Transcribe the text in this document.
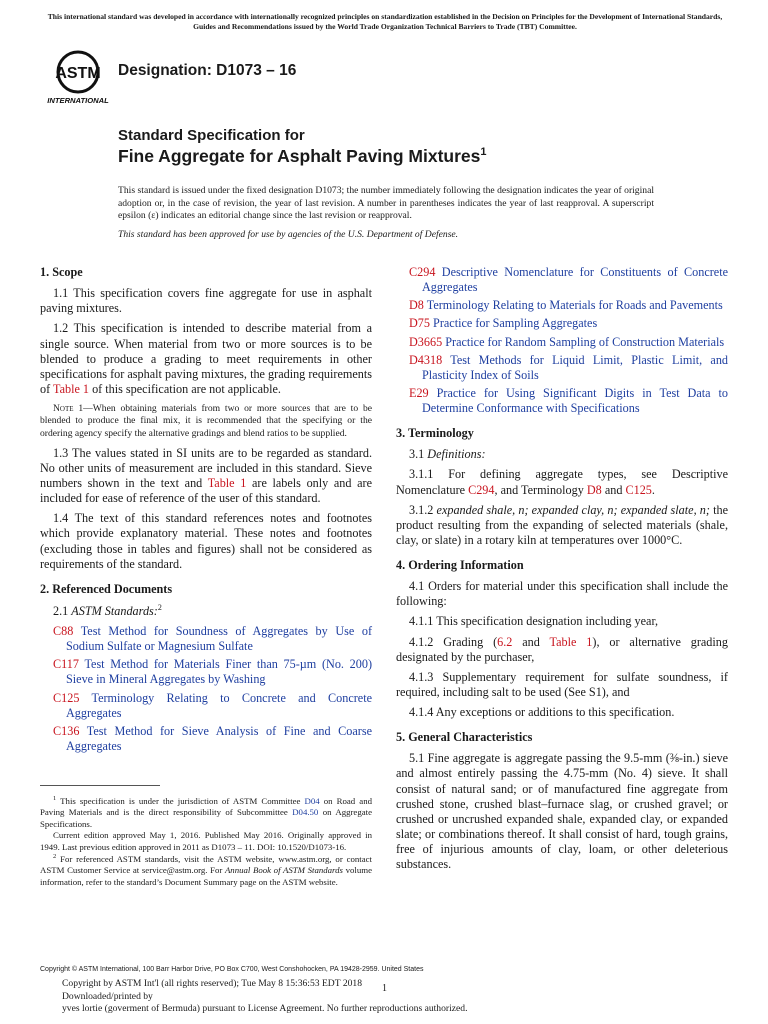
This international standard was developed in accordance with internationally recognized principles on standardization established in the Decision on Principles for the Development of International Standards, Guides and Recommendations issued by the World Trade Organization Technical Barriers to Trade (TBT) Committee.
ASTM
INTERNATIONAL
Designation: D1073 – 16
Standard Specification for
Fine Aggregate for Asphalt Paving Mixtures$^1$
This standard is issued under the fixed designation D1073; the number immediately following the designation indicates the year of original adoption or, in the case of revision, the year of last revision. A number in parentheses indicates the year of last reapproval. A superscript epsilon (ε) indicates an editorial change since the last revision or reapproval.
This standard has been approved for use by agencies of the U.S. Department of Defense.
1. Scope

1.1 This specification covers fine aggregate for use in asphalt paving mixtures.

1.2 This specification is intended to describe material from a single source. When material from two or more sources is to be blended to produce a grading to meet requirements in other specifications for asphalt paving mixtures, the grading requirements of Table 1 of this specification are not applicable.

Note 1—When obtaining materials from two or more sources that are to be blended to produce the final mix, it is recommended that the specifying or the ordering agency specify the alternative gradings and blend ratios to be supplied.

1.3 The values stated in SI units are to be regarded as standard. No other units of measurement are included in this standard. Sieve numbers shown in the text and Table 1 are labels only and are included for ease of reference of the user of this standard.

1.4 The text of this standard references notes and footnotes which provide explanatory material. These notes and footnotes (excluding those in tables and figures) shall not be considered as requirements of the standard.

2. Referenced Documents

2.1 ASTM Standards:$^2$

C88 Test Method for Soundness of Aggregates by Use of Sodium Sulfate or Magnesium Sulfate
C117 Test Method for Materials Finer than 75-µm (No. 200) Sieve in Mineral Aggregates by Washing
C125 Terminology Relating to Concrete and Concrete Aggregates
C136 Test Method for Sieve Analysis of Fine and Coarse Aggregates

$^1$ This specification is under the jurisdiction of ASTM Committee D04 on Road and Paving Materials and is the direct responsibility of Subcommittee D04.50 on Aggregate Specifications.

Current edition approved May 1, 2016. Published May 2016. Originally approved in 1949. Last previous edition approved in 2011 as D1073 – 11. DOI: 10.1520/D1073-16.

$^2$ For referenced ASTM standards, visit the ASTM website, www.astm.org, or contact ASTM Customer Service at service@astm.org. For Annual Book of ASTM Standards volume information, refer to the standard’s Document Summary page on the ASTM website.

C294 Descriptive Nomenclature for Constituents of Concrete Aggregates
D8 Terminology Relating to Materials for Roads and Pavements
D75 Practice for Sampling Aggregates
D3665 Practice for Random Sampling of Construction Materials
D4318 Test Methods for Liquid Limit, Plastic Limit, and Plasticity Index of Soils
E29 Practice for Using Significant Digits in Test Data to Determine Conformance with Specifications
3. Terminology

3.1 Definitions:

3.1.1 For defining aggregate types, see Descriptive Nomenclature C294, and Terminology D8 and C125.

3.1.2 expanded shale, n; expanded clay, n; expanded slate, n; the product resulting from the expanding of selected materials (shale, clay, or slate) in a rotary kiln at temperatures over 1000°C.

4. Ordering Information

4.1 Orders for material under this specification shall include the following:

4.1.1 This specification designation including year,

4.1.2 Grading (6.2 and Table 1), or alternative grading designated by the purchaser,

4.1.3 Supplementary requirement for sulfate soundness, if required, including salt to be used (See S1), and

4.1.4 Any exceptions or additions to this specification.

5. General Characteristics

5.1 Fine aggregate is aggregate passing the 9.5-mm (⅜-in.) sieve and almost entirely passing the 4.75-mm (No. 4) sieve. It shall consist of natural sand; or of manufactured fine aggregate from crushed stone, crushed blast–furnace slag, or crushed gravel; or crushed or uncrushed expanded shale, expanded clay, or expanded slate; or combinations thereof. It shall consist of hard, tough grains, free of injurious amounts of clay, loam, or other deleterious substances.

Copyright © ASTM International, 100 Barr Harbor Drive, PO Box C700, West Conshohocken, PA 19428-2959. United States
Copyright by ASTM Int'l (all rights reserved); Tue May 8 15:36:53 EDT 2018
Downloaded/printed by
yves lortie (goverment of Bermuda) pursuant to License Agreement. No further reproductions authorized.
1
